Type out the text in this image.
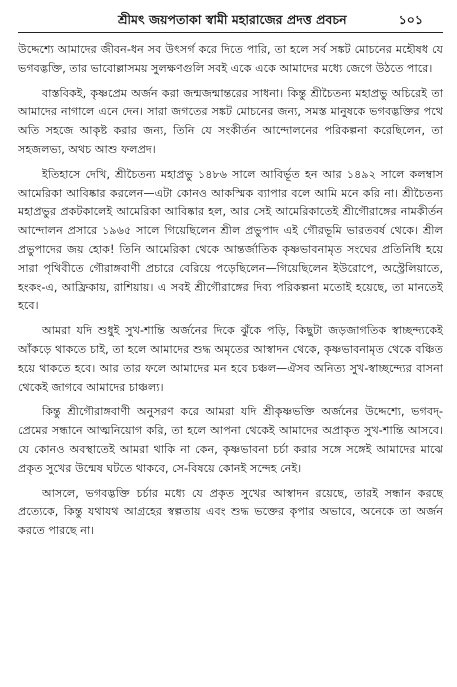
শ্রীমৎ জয়পতাকা স্বামী মহারাজের প্রদত্ত প্রবচন	১০১

উদ্দেশ্যে আমাদের জীবন-ধন সব উৎসর্গ করে দিতে পারি, তা হলে সর্ব সঙ্কট মোচনের মহৌষধ যে ভগবদ্ভক্তি, তার ভাবোল্লাসময় সুলক্ষণগুলি সবই একে একে আমাদের মধ্যে জেগে উঠতে পারে।

বাস্তবিকই, কৃষ্ণপ্রেম অর্জন করা জন্মজন্মান্তরের সাধনা। কিন্তু শ্রীচৈতন্য মহাপ্রভু অচিরেই তা আমাদের নাগালে এনে দেন। সারা জগতের সঙ্কট মোচনের জন্য, সমস্ত মানুষকে ভগবদ্ভক্তির পথে অতি সহজে আকৃষ্ট করার জন্য, তিনি যে সংকীর্তন আন্দোলনের পরিকল্পনা করেছিলেন, তা সহজলভ্য, অথচ আশু ফলপ্রদ।

ইতিহাসে দেখি, শ্রীচৈতন্য মহাপ্রভু ১৪৮৬ সালে আবির্ভূত হন আর ১৪৯২ সালে কলম্বাস আমেরিকা আবিষ্কার করলেন—এটা কোনও আকস্মিক ব্যাপার বলে আমি মনে করি না। শ্রীচৈতন্য মহাপ্রভুর প্রকটকালেই আমেরিকা আবিষ্কার হল, আর সেই আমেরিকাতেই শ্রীগৌরাঙ্গের নামকীর্তন আন্দোলন প্রসারে ১৯৬৫ সালে গিয়েছিলেন শ্রীল প্রভুপাদ এই গৌরভূমি ভারতবর্ষ থেকে। শ্রীল প্রভুপাদের জয় হোক! তিনি আমেরিকা থেকে আন্তর্জাতিক কৃষ্ণভাবনামৃত সংঘের প্রতিনিধি হয়ে সারা পৃথিবীতে গৌরাঙ্গবাণী প্রচারে বেরিয়ে পড়েছিলেন—গিয়েছিলেন ইউরোপে, অস্ট্রেলিয়াতে, হংকং-এ, আফ্রিকায়, রাশিয়ায়। এ সবই শ্রীগৌরাঙ্গের দিব্য পরিকল্পনা মতোই হয়েছে, তা মানতেই হবে।

আমরা যদি শুধুই সুখ-শান্তি অর্জনের দিকে ঝুঁকে পড়ি, কিছুটা জড়জাগতিক স্বাচ্ছন্দ্যকেই আঁকড়ে থাকতে চাই, তা হলে আমাদের শুদ্ধ অমৃতের আস্বাদন থেকে, কৃষ্ণভাবনামৃত থেকে বঞ্চিত হয়ে থাকতে হবে। আর তার ফলে আমাদের মন হবে চঞ্চল—ঐসব অনিত্য সুখ-স্বাচ্ছন্দ্যের বাসনা থেকেই জাগবে আমাদের চাঞ্চল্য।

কিন্তু শ্রীগৌরাঙ্গবাণী অনুসরণ করে আমরা যদি শ্রীকৃষ্ণভক্তি অর্জনের উদ্দেশ্যে, ভগবদ্-প্রেমের সন্ধানে আত্মনিয়োগ করি, তা হলে আপনা থেকেই আমাদের অপ্রাকৃত সুখ-শান্তি আসবে। যে কোনও অবস্থাতেই আমরা থাকি না কেন, কৃষ্ণভাবনা চর্চা করার সঙ্গে সঙ্গেই আমাদের মাঝে প্রকৃত সুখের উন্মেষ ঘটতে থাকবে, সে-বিষয়ে কোনই সন্দেহ নেই।

আসলে, ভগবদ্ভক্তি চর্চার মধ্যে যে প্রকৃত সুখের আস্বাদন রয়েছে, তারই সন্ধান করছে প্রত্যেকে, কিন্তু যথাযথ আগ্রহের স্বল্পতায় এবং শুদ্ধ ভক্তের কৃপার অভাবে, অনেকে তা অর্জন করতে পারছে না।
